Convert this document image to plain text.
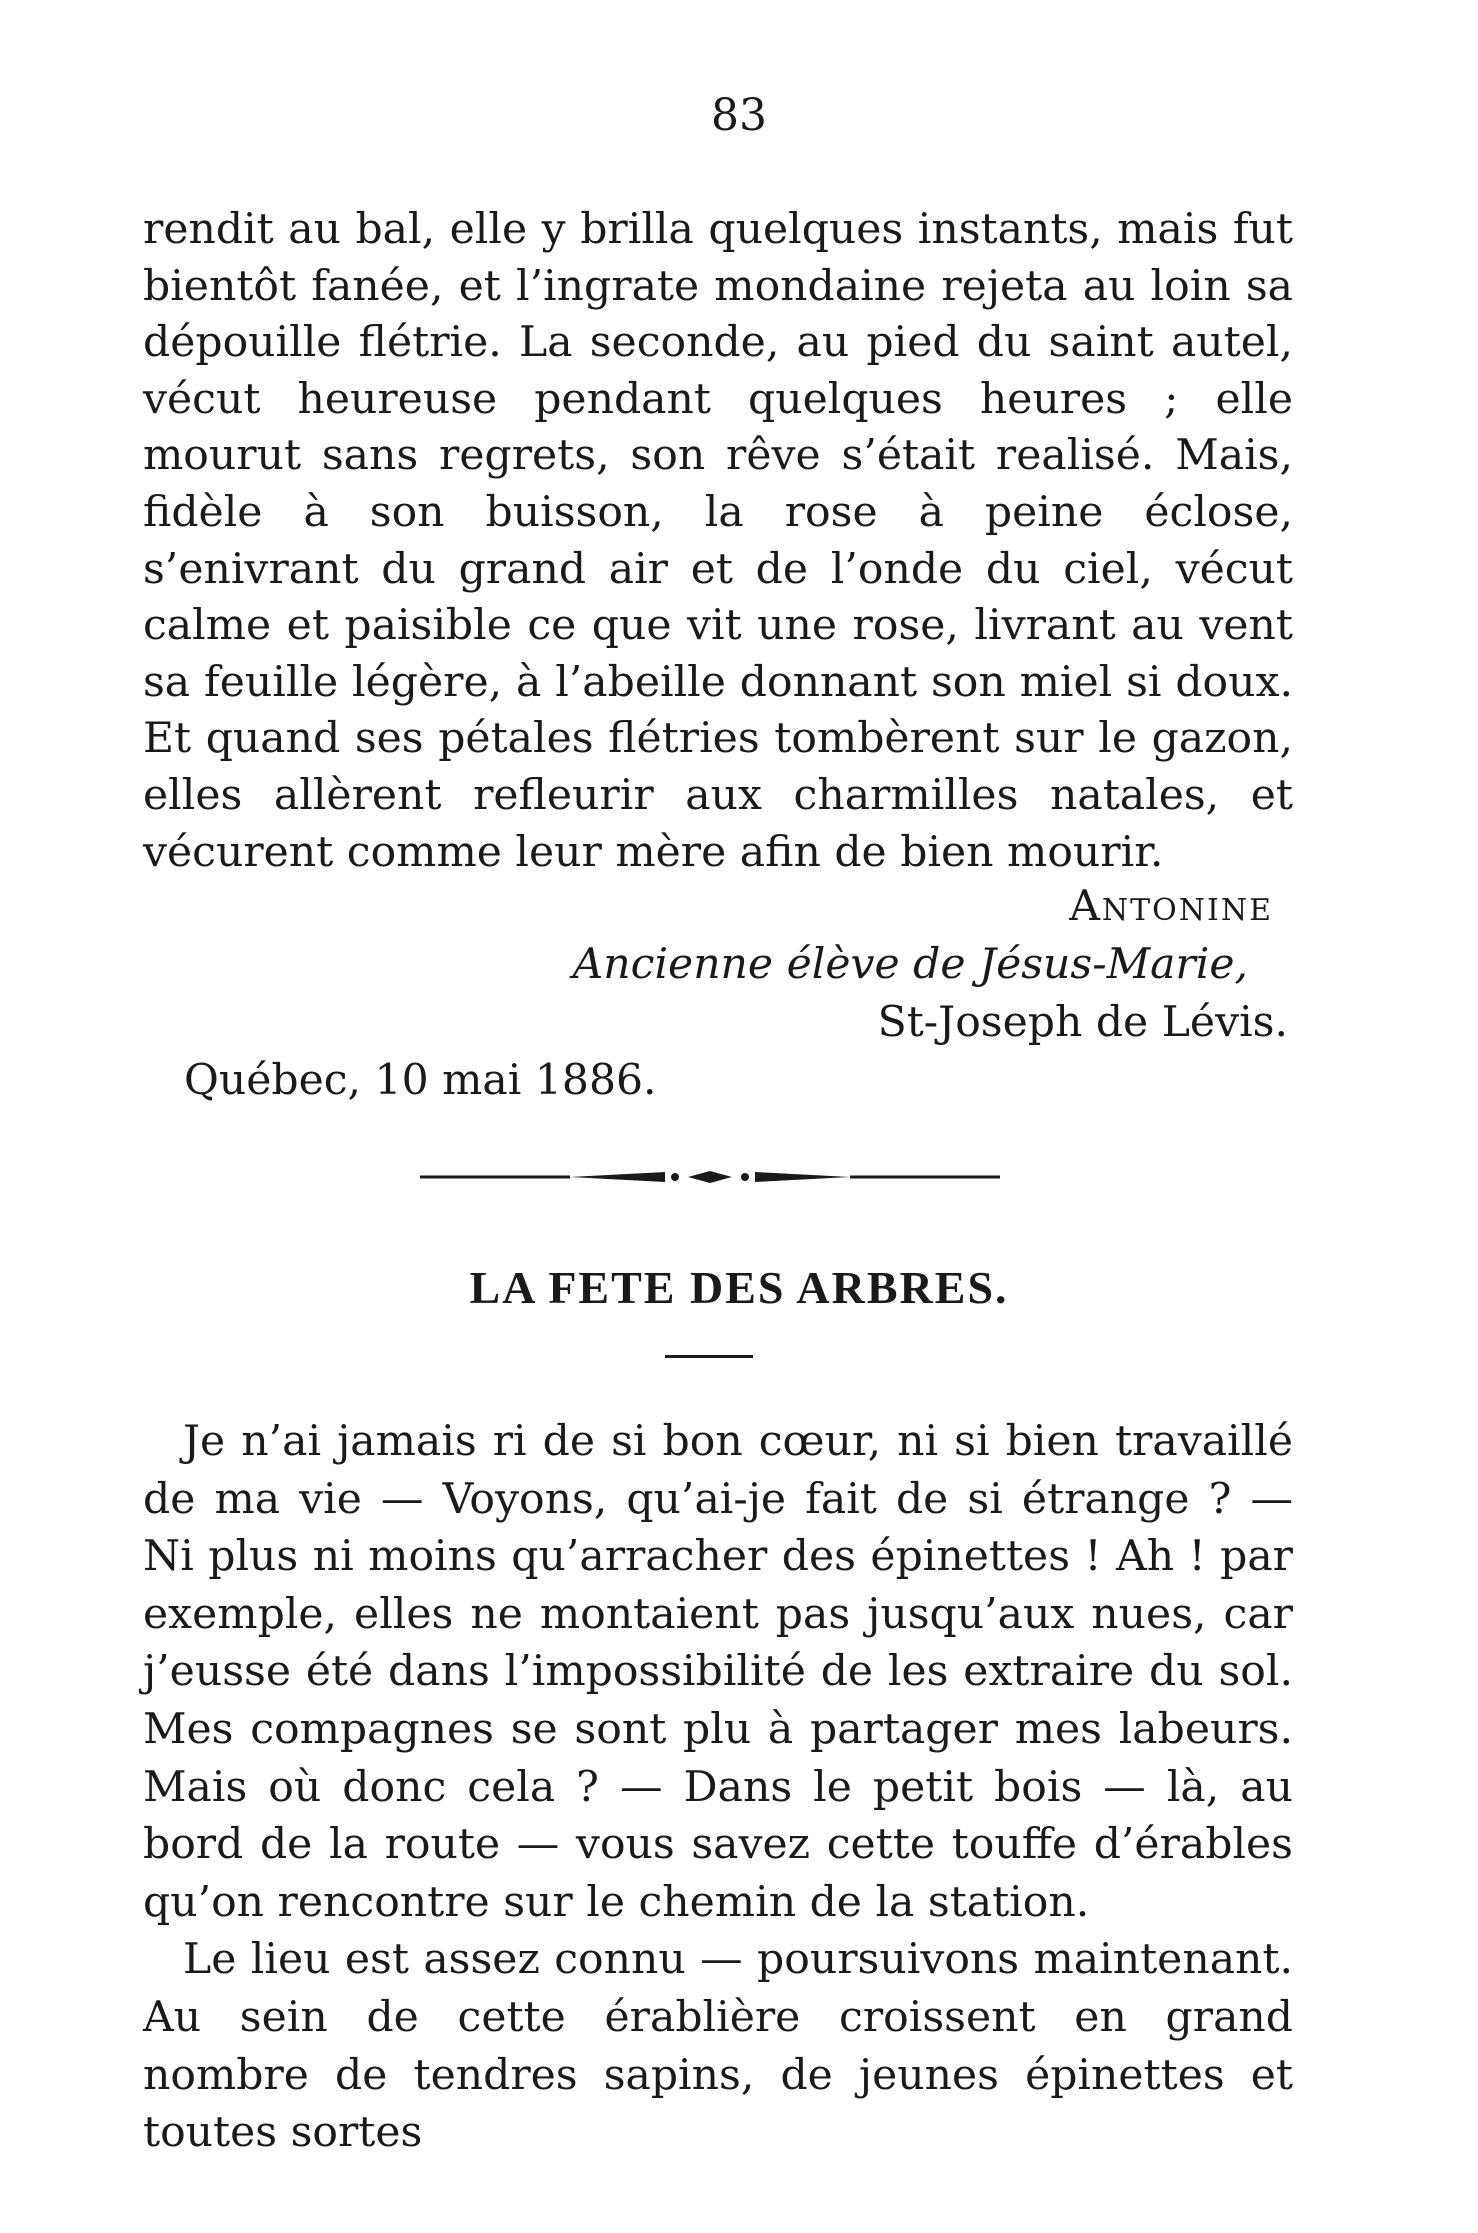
83

rendit au bal, elle y brilla quelques instants, mais fut bientôt fanée, et l’ingrate mondaine rejeta au loin sa dépouille flétrie. La seconde, au pied du saint autel, vécut heureuse pendant quelques heures ; elle mourut sans regrets, son rêve s’était realisé. Mais, fidèle à son buisson, la rose à peine éclose, s’enivrant du grand air et de l’onde du ciel, vécut calme et paisible ce que vit une rose, livrant au vent sa feuille légère, à l’abeille donnant son miel si doux. Et quand ses pétales flétries tombèrent sur le gazon, elles allèrent refleurir aux charmilles natales, et vécurent comme leur mère afin de bien mourir.

Antonine
Ancienne élève de Jésus-Marie,
St-Joseph de Lévis.
Québec, 10 mai 1886.
LA FETE DES ARBRES.

Je n’ai jamais ri de si bon cœur, ni si bien travaillé de ma vie — Voyons, qu’ai-je fait de si étrange ? — Ni plus ni moins qu’arracher des épinettes ! Ah ! par exemple, elles ne montaient pas jusqu’aux nues, car j’eusse été dans l’impossibilité de les extraire du sol. Mes compagnes se sont plu à partager mes labeurs. Mais où donc cela ? — Dans le petit bois — là, au bord de la route — vous savez cette touffe d’érables qu’on rencontre sur le chemin de la station.

Le lieu est assez connu — poursuivons maintenant. Au sein de cette érablière croissent en grand nombre de tendres sapins, de jeunes épinettes et toutes sortes
